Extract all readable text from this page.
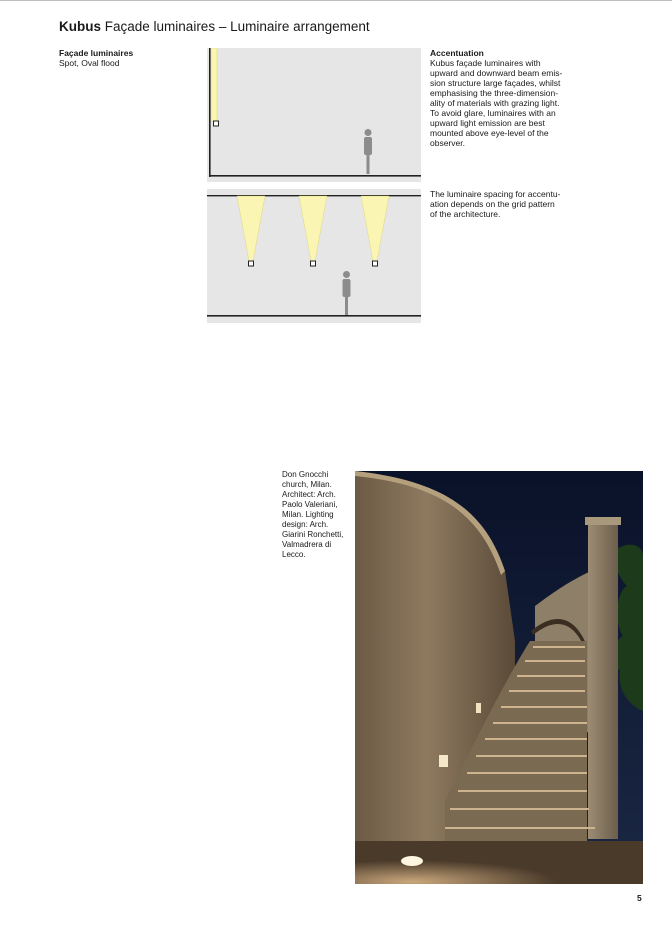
Kubus Façade luminaires – Luminaire arrangement
Façade luminaires
Spot, Oval flood
Accentuation
Kubus façade luminaires with
upward and downward beam emis-
sion structure large façades, whilst
emphasising the three-dimension-
ality of materials with grazing light.
To avoid glare, luminaires with an
upward light emission are best
mounted above eye-level of the
observer.
The luminaire spacing for accentu-
ation depends on the grid pattern
of the architecture.
Don Gnocchi
church, Milan.
Architect: Arch.
Paolo Valeriani,
Milan. Lighting
design: Arch.
Giarini Ronchetti,
Valmadrera di
Lecco.
5
